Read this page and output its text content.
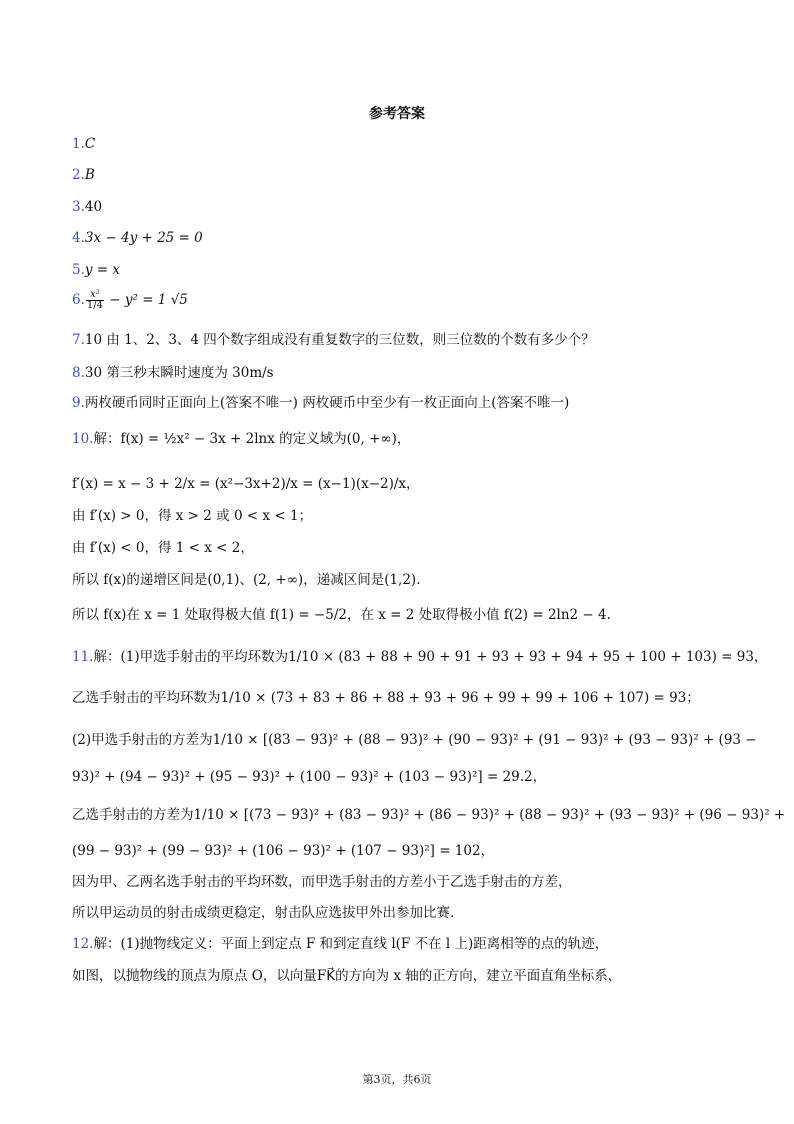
参考答案
1.C
2.B
3.40
4.3x − 4y + 25 = 0
5.y = x
6. $\frac{\text{x²}}{1/4} - y^2 = 1$ √5
7.10 由 1、2、3、4 四个数字组成没有重复数字的三位数，则三位数的个数有多少个？
8.30 第三秒末瞬时速度为 30m/s
9.两枚硬币同时正面向上(答案不唯一) 两枚硬币中至少有一枚正面向上(答案不唯一)
10.解：f(x) = ½x² − 3x + 2lnx 的定义域为(0, +∞)，
f′(x) = x − 3 + 2/x = (x²−3x+2)/x = (x−1)(x−2)/x，
由 f′(x) > 0，得 x > 2 或 0 < x < 1；
由 f′(x) < 0，得 1 < x < 2，
所以 f(x)的递增区间是(0,1)、(2, +∞)，递减区间是(1,2).
所以 f(x)在 x = 1 处取得极大值 f(1) = −5/2，在 x = 2 处取得极小值 f(2) = 2ln2 − 4.
11.解：(1)甲选手射击的平均环数为1/10 × (83 + 88 + 90 + 91 + 93 + 93 + 94 + 95 + 100 + 103) = 93，
乙选手射击的平均环数为1/10 × (73 + 83 + 86 + 88 + 93 + 96 + 99 + 99 + 106 + 107) = 93；
(2)甲选手射击的方差为1/10 × [(83 − 93)² + (88 − 93)² + (90 − 93)² + (91 − 93)² + (93 − 93)² + (93 −
93)² + (94 − 93)² + (95 − 93)² + (100 − 93)² + (103 − 93)²] = 29.2，
乙选手射击的方差为1/10 × [(73 − 93)² + (83 − 93)² + (86 − 93)² + (88 − 93)² + (93 − 93)² + (96 − 93)² +
(99 − 93)² + (99 − 93)² + (106 − 93)² + (107 − 93)²] = 102，
因为甲、乙两名选手射击的平均环数，而甲选手射击的方差小于乙选手射击的方差，
所以甲运动员的射击成绩更稳定，射击队应选拔甲外出参加比赛.
12.解：(1)抛物线定义：平面上到定点 F 和到定直线 l(F 不在 l 上)距离相等的点的轨迹，
如图，以抛物线的顶点为原点 O，以向量FK⃗的方向为 x 轴的正方向，建立平面直角坐标系，
第3页，共6页
